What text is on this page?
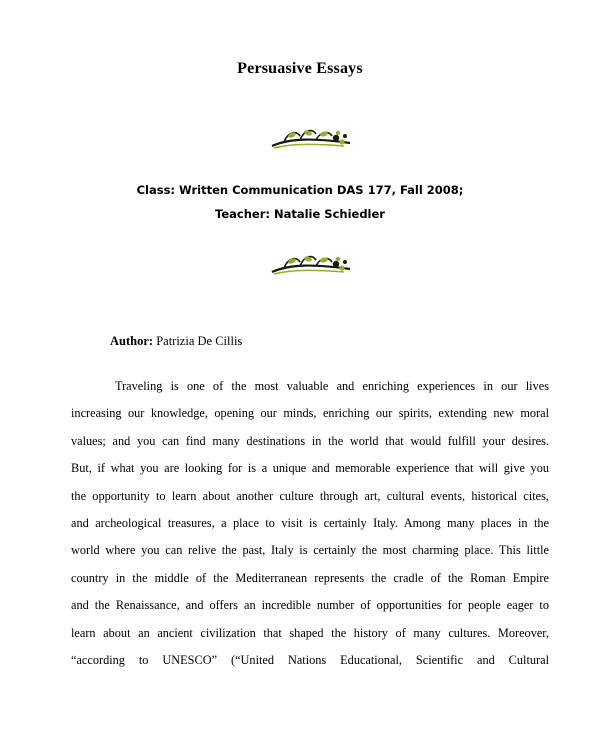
Persuasive Essays
Class: Written Communication DAS 177, Fall 2008;
Teacher: Natalie Schiedler
Author: Patrizia De Cillis
Traveling is one of the most valuable and enriching experiences in our lives
increasing our knowledge, opening our minds, enriching our spirits, extending new moral
values; and you can find many destinations in the world that would fulfill your desires.
But, if what you are looking for is a unique and memorable experience that will give you
the opportunity to learn about another culture through art, cultural events, historical cites,
and archeological treasures, a place to visit is certainly Italy. Among many places in the
world where you can relive the past, Italy is certainly the most charming place. This little
country in the middle of the Mediterranean represents the cradle of the Roman Empire
and the Renaissance, and offers an incredible number of opportunities for people eager to
learn about an ancient civilization that shaped the history of many cultures. Moreover,
“according to UNESCO” (“United Nations Educational, Scientific and Cultural
